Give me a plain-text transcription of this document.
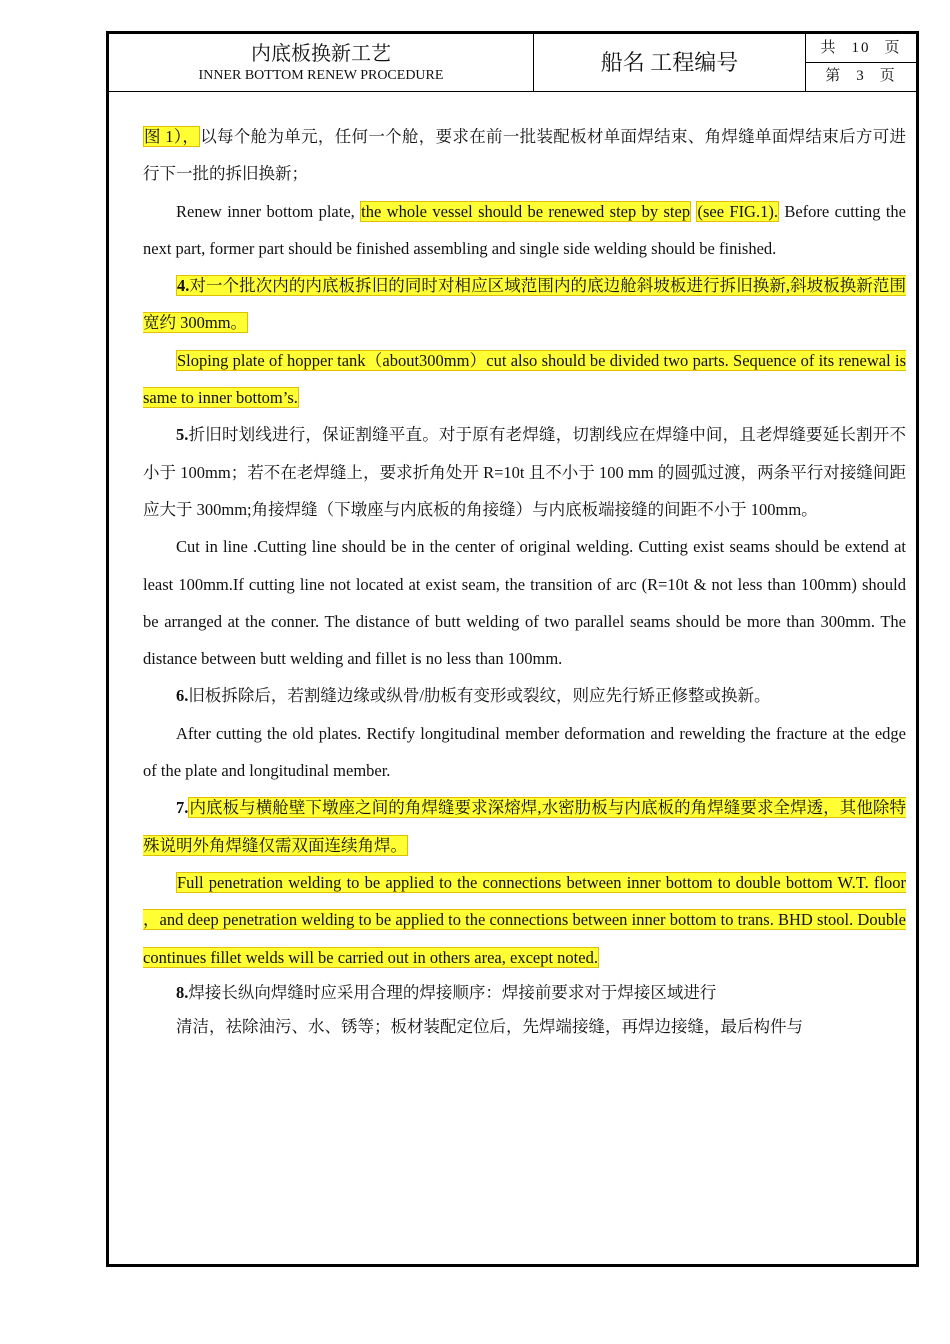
内底板换新工艺
INNER BOTTOM RENEW PROCEDURE
船名 工程编号
共 10 页
第 3 页

图 1），以每个舱为单元，任何一个舱，要求在前一批装配板材单面焊结束、角焊缝单面焊结束后方可进行下一批的拆旧换新；

Renew inner bottom plate, the whole vessel should be renewed step by step (see FIG.1). Before cutting the next part, former part should be finished assembling and single side welding should be finished.

4.对一个批次内的内底板拆旧的同时对相应区域范围内的底边舱斜坡板进行拆旧换新,斜坡板换新范围宽约 300mm。

Sloping plate of hopper tank（about300mm）cut also should be divided two parts. Sequence of its renewal is same to inner bottom’s.

5.折旧时划线进行，保证割缝平直。对于原有老焊缝，切割线应在焊缝中间，且老焊缝要延长割开不小于 100mm；若不在老焊缝上，要求折角处开 R=10t 且不小于 100 mm 的圆弧过渡，两条平行对接缝间距应大于 300mm;角接焊缝（下墩座与内底板的角接缝）与内底板端接缝的间距不小于 100mm。

Cut in line .Cutting line should be in the center of original welding. Cutting exist seams should be extend at least 100mm.If cutting line not located at exist seam, the transition of arc (R=10t & not less than 100mm) should be arranged at the conner. The distance of butt welding of two parallel seams should be more than 300mm. The distance between butt welding and fillet is no less than 100mm.

6.旧板拆除后，若割缝边缘或纵骨/肋板有变形或裂纹，则应先行矫正修整或换新。

After cutting the old plates. Rectify longitudinal member deformation and rewelding the fracture at the edge of the plate and longitudinal member.

7.内底板与横舱壁下墩座之间的角焊缝要求深熔焊,水密肋板与内底板的角焊缝要求全焊透，其他除特殊说明外角焊缝仅需双面连续角焊。

Full penetration welding to be applied to the connections between inner bottom to double bottom W.T. floor ，and deep penetration welding to be applied to the connections between inner bottom to trans. BHD stool. Double continues fillet welds will be carried out in others area, except noted.

8.焊接长纵向焊缝时应采用合理的焊接顺序：焊接前要求对于焊接区域进行

清洁，祛除油污、水、锈等；板材装配定位后，先焊端接缝，再焊边接缝，最后构件与
